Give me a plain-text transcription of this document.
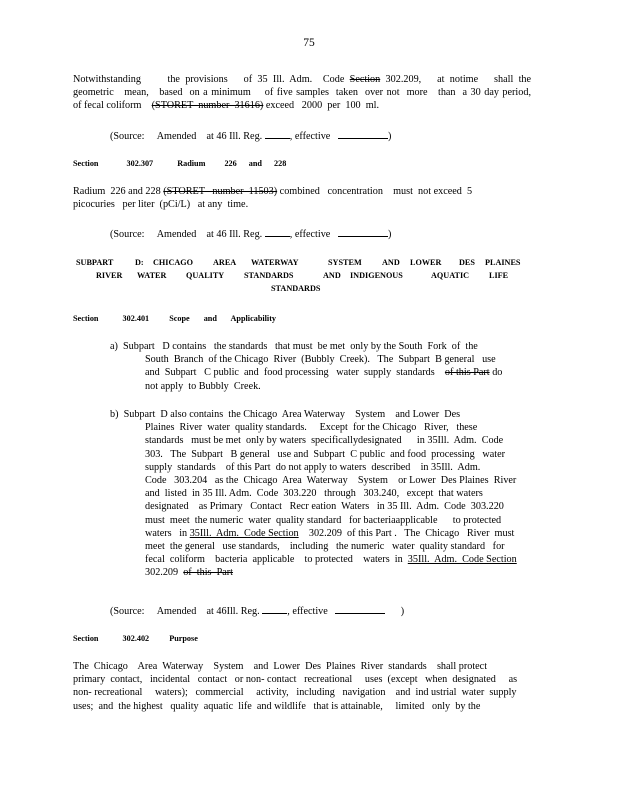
75
Notwithstanding	the provisions of 35 Ill. Adm. Code Section 302.209, at notime shall the
geometric   mean,   based  on a minimum    of five samples  taken  over not  more   than  a 30 day period,
of fecal coliform (STORET  number  31616) exceed   2000  per  100  ml.
(Source: Amended at 46 Ill. Reg.	, effective	)
Section	302.307	Radium 226 and 228
Radium  226 and 228 (STORET   number  11503) combined   concentration    must  not exceed  5
picocuries   per liter  (pCi/L)   at any  time.
(Source: Amended at 46 Ill. Reg.	, effective	)
SUBPART	D: CHICAGO AREA WATERWAY	SYSTEM AND LOWER DES PLAINES
RIVER WATER QUALITY STANDARDS	AND INDIGENOUS	AQUATIC LIFE
STANDARDS
Section	302.401 Scope and Applicability
a)  Subpart   D contains   the standards   that must  be met  only by the South  Fork  of  the
South  Branch  of the Chicago  River  (Bubbly  Creek).   The  Subpart  B general   use
and  Subpart   C public  and  food processing   water  supply  standards of this Part do
not apply  to Bubbly  Creek.
b)  Subpart  D also contains  the Chicago  Area Waterway    System    and Lower  Des
Plaines  River  water  quality standards.     Except  for the Chicago   River,   these
standards   must be met  only by waters  specificallydesignated      in 35Ill.  Adm.  Code
303.   The  Subpart   B general   use and  Subpart  C public  and food  processing   water
supply  standards    of this Part  do not apply to waters  described    in 35Ill.  Adm.
Code   303.204   as the  Chicago  Area  Waterway    System    or Lower  Des Plaines  River
and  listed  in 35 Ill. Adm.  Code  303.220   through   303.240,   except  that waters
designated    as Primary   Contact   Recr eation  Waters   in 35 Ill.  Adm.  Code  303.220
must  meet  the numeric  water  quality standard   for bacteriaapplicable      to protected
waters   in 35Ill.  Adm.  Code Section 302.209  of this Part .   The  Chicago   River  must
meet  the general   use standards,    including   the numeric   water  quality standard   for
fecal  coliform    bacteria  applicable    to protected    waters  in 35Ill.  Adm.  Code Section
302.209 of  this  Part
(Source: Amended at 46Ill. Reg.	, effective	)
Section	302.402 Purpose
The  Chicago    Area  Waterway    System    and  Lower  Des  Plaines  River  standards    shall protect
primary  contact,   incidental   contact   or non- contact   recreational     uses  (except   when  designated     as
non- recreational     waters);   commercial     activity,   including   navigation    and  ind ustrial  water  supply
uses;  and  the highest   quality  aquatic  life  and wildlife   that is attainable,     limited   only  by the
